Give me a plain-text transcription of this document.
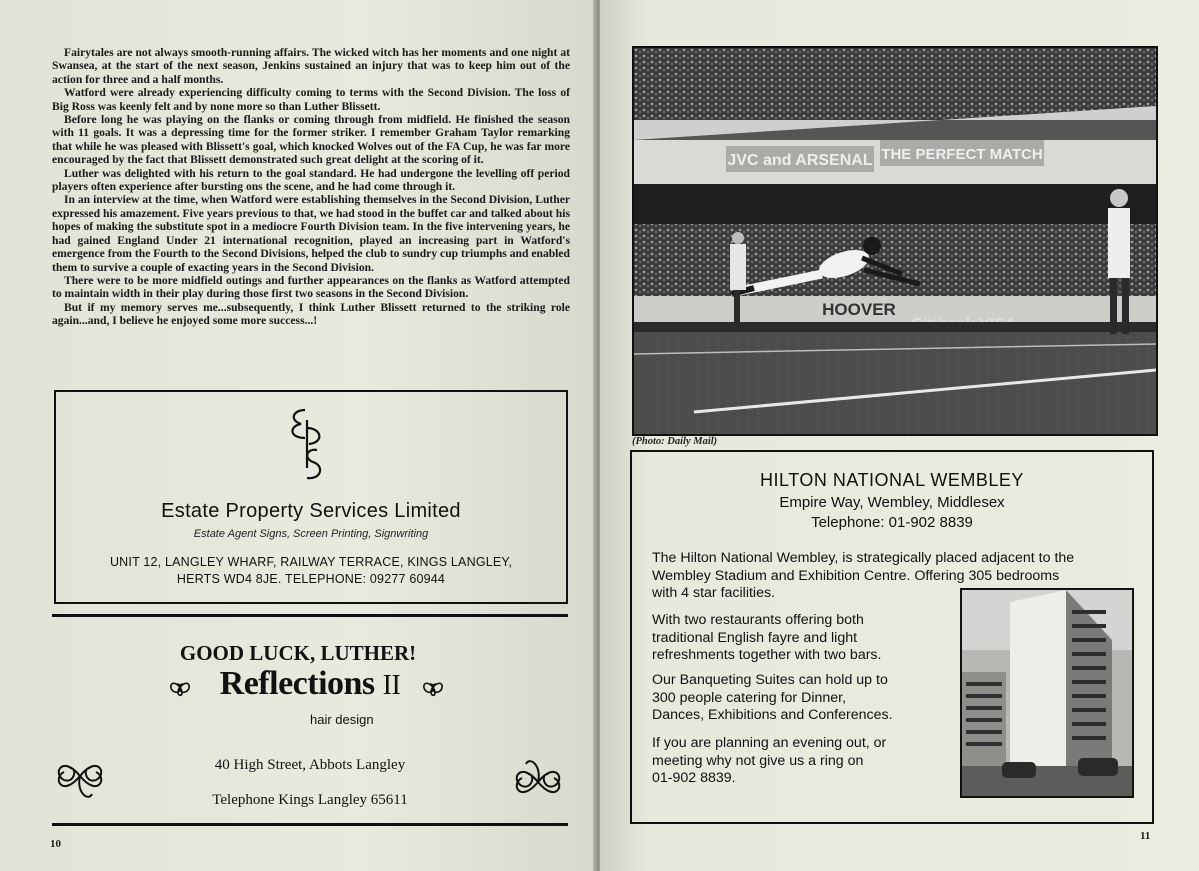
Fairytales are not always smooth-running affairs. The wicked witch has her moments and one night at Swansea, at the start of the next season, Jenkins sustained an injury that was to keep him out of the action for three and a half months.

Watford were already experiencing difficulty coming to terms with the Second Division. The loss of Big Ross was keenly felt and by none more so than Luther Blissett.

Before long he was playing on the flanks or coming through from midfield. He finished the season with 11 goals. It was a depressing time for the former striker. I remember Graham Taylor remarking that while he was pleased with Blissett's goal, which knocked Wolves out of the FA Cup, he was far more encouraged by the fact that Blissett demonstrated such great delight at the scoring of it.

Luther was delighted with his return to the goal standard. He had undergone the levelling off period players often experience after bursting ons the scene, and he had come through it.

In an interview at the time, when Watford were establishing themselves in the Second Division, Luther expressed his amazement. Five years previous to that, we had stood in the buffet car and talked about his hopes of making the substitute spot in a mediocre Fourth Division team. In the five intervening years, he had gained England Under 21 international recognition, played an increasing part in Watford's emergence from the Fourth to the Second Divisions, helped the club to sundry cup triumphs and enabled them to survive a couple of exacting years in the Second Division.

There were to be more midfield outings and further appearances on the flanks as Watford attempted to maintain width in their play during those first two seasons in the Second Division.

But if my memory serves me...subsequently, I think Luther Blissett returned to the striking role again...and, I believe he enjoyed some more success...!

Estate Property Services Limited
Estate Agent Signs, Screen Printing, Signwriting
UNIT 12, LANGLEY WHARF, RAILWAY TERRACE, KINGS LANGLEY,
HERTS WD4 8JE. TELEPHONE: 09277 60944
GOOD LUCK, LUTHER!
Reflections II
hair design
40 High Street, Abbots Langley
Telephone Kings Langley 65611
10
JVC and ARSENAL THE PERFECT MATCH
HOOVER
(Photo: Daily Mail)
HILTON NATIONAL WEMBLEY
Empire Way, Wembley, Middlesex
Telephone: 01-902 8839
The Hilton National Wembley, is strategically placed adjacent to the
Wembley Stadium and Exhibition Centre. Offering 305 bedrooms
with 4 star facilities.
With two restaurants offering both
traditional English fayre and light
refreshments together with two bars.
Our Banqueting Suites can hold up to
300 people catering for Dinner,
Dances, Exhibitions and Conferences.
If you are planning an evening out, or
meeting why not give us a ring on
01-902 8839.
11
